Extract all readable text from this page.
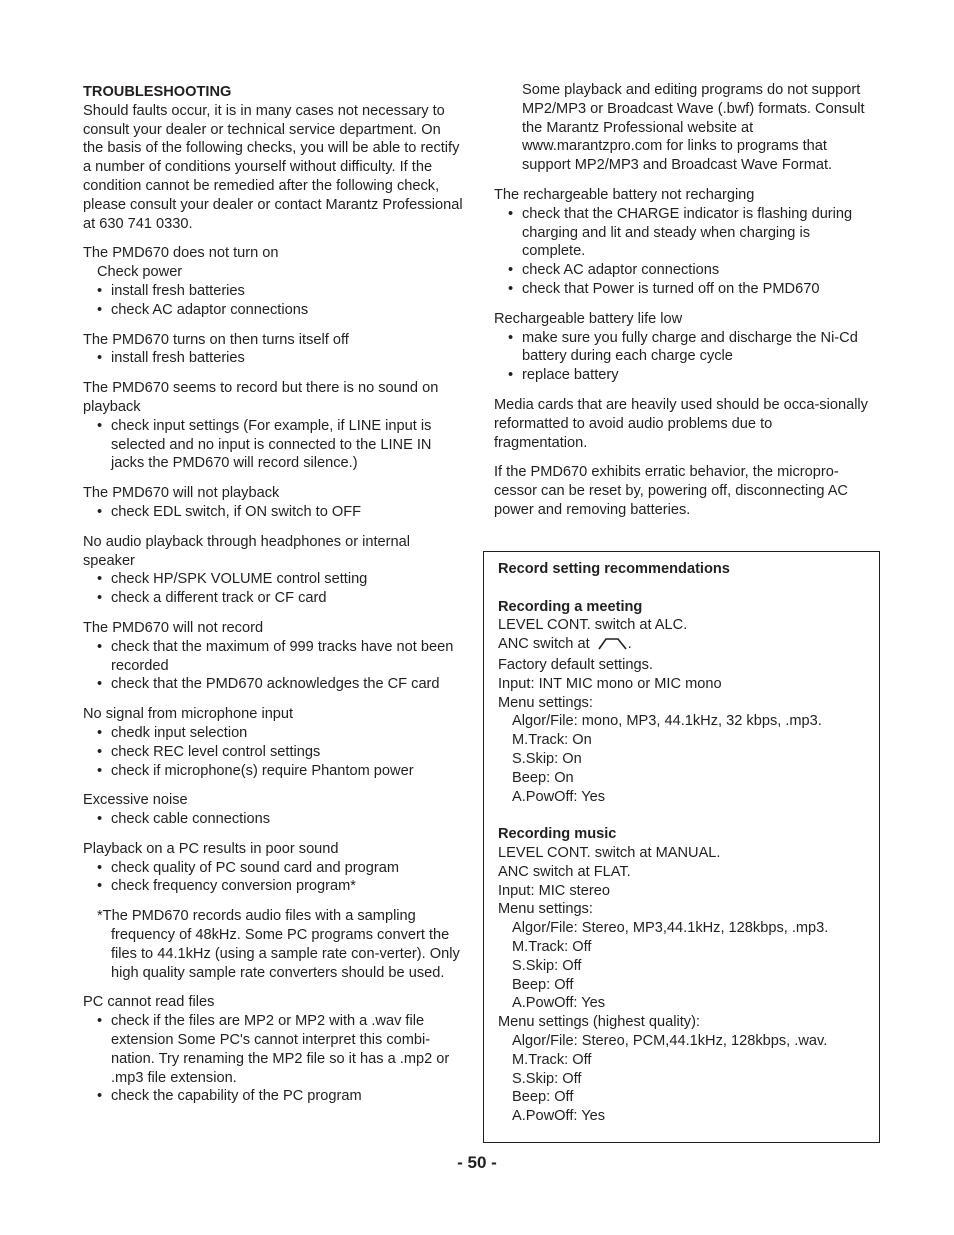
TROUBLESHOOTING

Should faults occur, it is in many cases not necessary to consult your dealer or technical service department. On the basis of the following checks, you will be able to rectify a number of conditions yourself without difficulty. If the condition cannot be remedied after the following check, please consult your dealer or contact Marantz Professional at 630 741 0330.

The PMD670 does not turn on

Check power

• install fresh batteries
• check AC adaptor connections

The PMD670 turns on then turns itself off

• install fresh batteries

The PMD670 seems to record but there is no sound on playback

• check input settings (For example, if LINE input is selected and no input is connected to the LINE IN jacks the PMD670 will record silence.)

The PMD670 will not playback

• check EDL switch, if ON switch to OFF

No audio playback through headphones or internal speaker

• check HP/SPK VOLUME control setting
• check a different track or CF card

The PMD670 will not record

• check that the maximum of 999 tracks have not been recorded
• check that the PMD670 acknowledges the CF card

No signal from microphone input

• chedk input selection
• check REC level control settings
• check if microphone(s) require Phantom power

Excessive noise

• check cable connections

Playback on a PC results in poor sound

• check quality of PC sound card and program
• check frequency conversion program*

*The PMD670 records audio files with a sampling frequency of 48kHz. Some PC programs convert the files to 44.1kHz (using a sample rate con-verter). Only high quality sample rate converters should be used.

PC cannot read files

• check if the files are MP2 or MP2 with a .wav file extension Some PC's cannot interpret this combi-nation. Try renaming the MP2 file so it has a .mp2 or .mp3 file extension.
• check the capability of the PC program

Some playback and editing programs do not support MP2/MP3 or Broadcast Wave (.bwf) formats. Consult the Marantz Professional website at www.marantzpro.com for links to programs that support MP2/MP3 and Broadcast Wave Format.

The rechargeable battery not recharging

• check that the CHARGE indicator is flashing during charging and lit and steady when charging is complete.
• check AC adaptor connections
• check that Power is turned off on the PMD670

Rechargeable battery life low

• make sure you fully charge and discharge the Ni-Cd battery during each charge cycle
• replace battery

Media cards that are heavily used should be occa-sionally reformatted to avoid audio problems due to fragmentation.

If the PMD670 exhibits erratic behavior, the micropro-cessor can be reset by, powering off, disconnecting AC power and removing batteries.

Record setting recommendations

Recording a meeting

LEVEL CONT. switch at ALC.

ANC switch at	.

Factory default settings.

Input: INT MIC mono or MIC mono

Menu settings:

Algor/File: mono, MP3, 44.1kHz, 32 kbps, .mp3.

M.Track: On

S.Skip: On

Beep: On

A.PowOff: Yes

Recording music

LEVEL CONT. switch at MANUAL.

ANC switch at FLAT.

Input: MIC stereo

Menu settings:

Algor/File: Stereo, MP3,44.1kHz, 128kbps, .mp3.

M.Track: Off

S.Skip: Off

Beep: Off

A.PowOff: Yes

Menu settings (highest quality):

Algor/File: Stereo, PCM,44.1kHz, 128kbps, .wav.

M.Track: Off

S.Skip: Off

Beep: Off

A.PowOff: Yes

- 50 -
